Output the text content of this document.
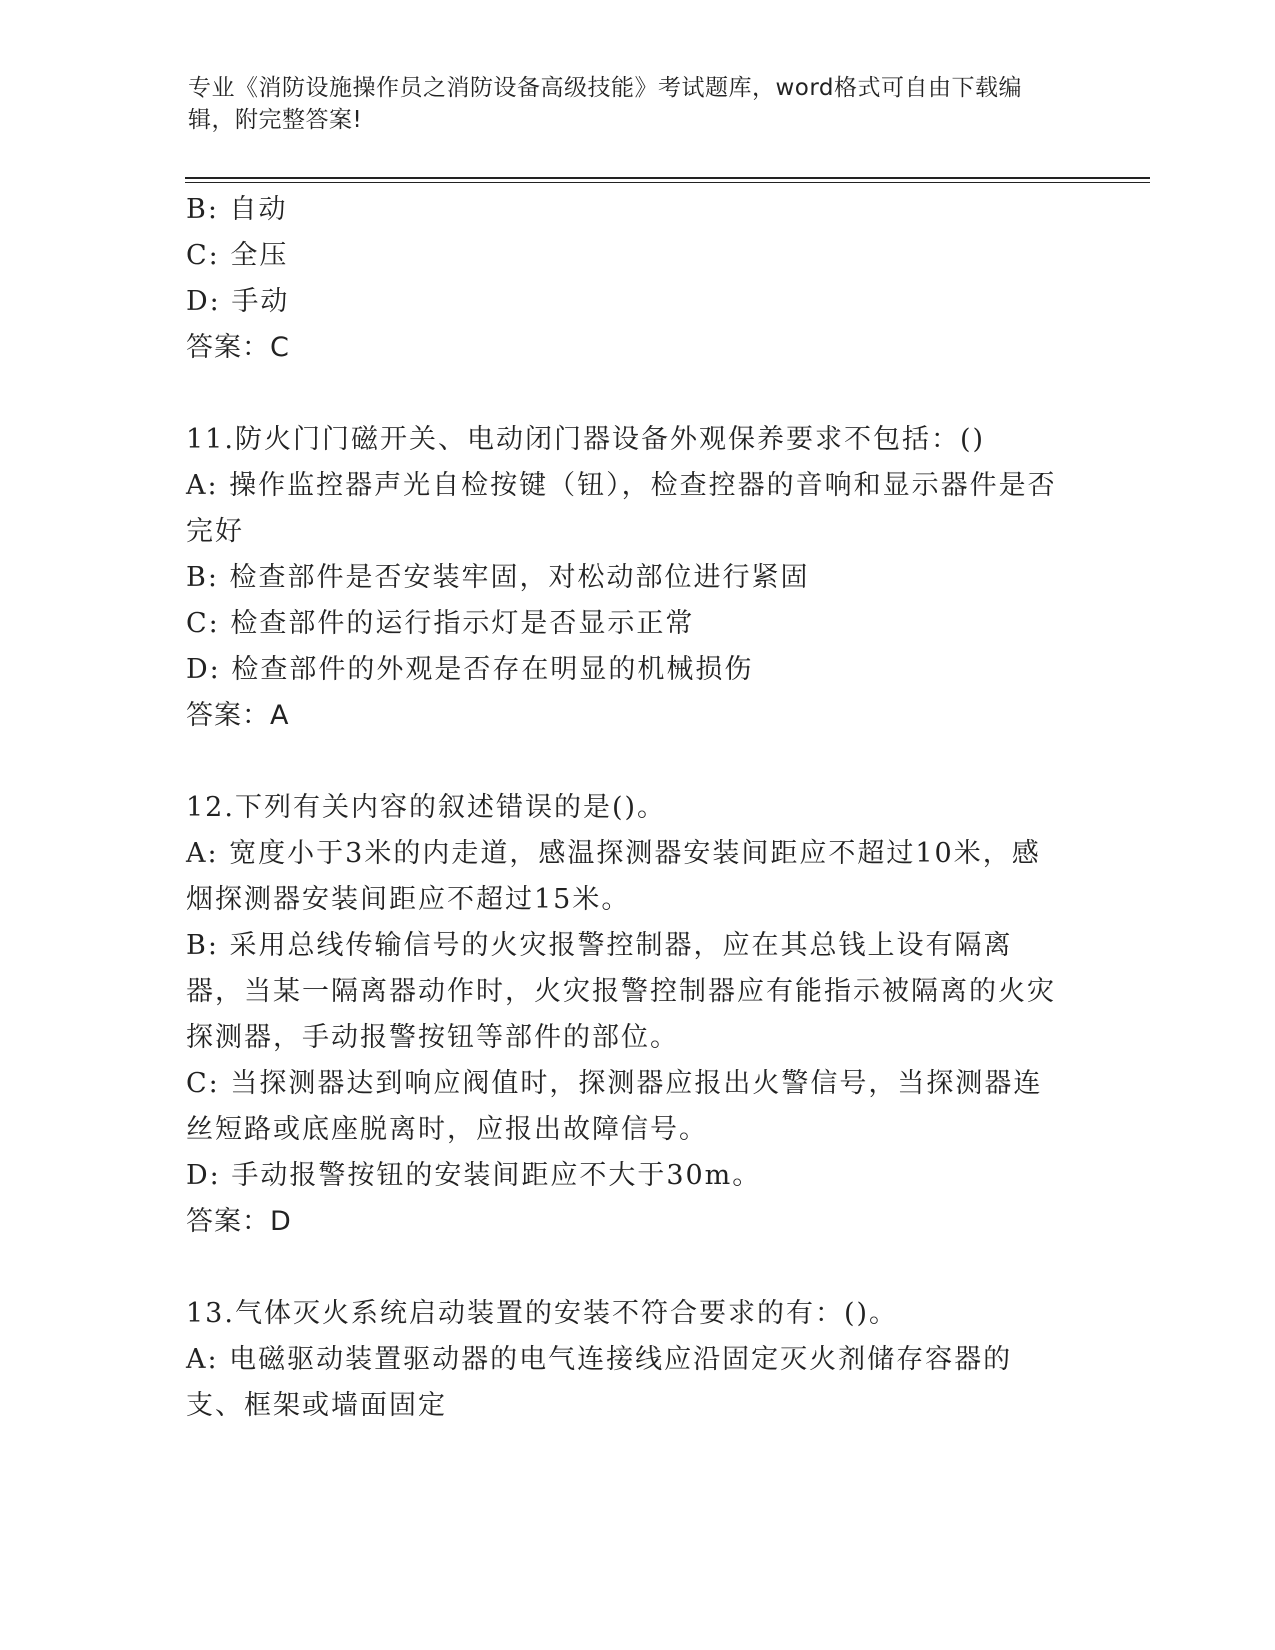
专业《消防设施操作员之消防设备高级技能》考试题库，word格式可自由下载编辑，附完整答案!

B: 自动

C: 全压

D: 手动

答案：C

11.防火门门磁开关、电动闭门器设备外观保养要求不包括：()

A: 操作监控器声光自检按键（钮），检查控器的音响和显示器件是否完好

B: 检查部件是否安装牢固，对松动部位进行紧固

C: 检查部件的运行指示灯是否显示正常

D: 检查部件的外观是否存在明显的机械损伤

答案：A

12.下列有关内容的叙述错误的是()。

A: 宽度小于3米的内走道，感温探测器安装间距应不超过10米，感烟探测器安装间距应不超过15米。

B: 采用总线传输信号的火灾报警控制器，应在其总钱上设有隔离器，当某一隔离器动作时，火灾报警控制器应有能指示被隔离的火灾探测器，手动报警按钮等部件的部位。

C: 当探测器达到响应阀值时，探测器应报出火警信号，当探测器连丝短路或底座脱离时，应报出故障信号。

D: 手动报警按钮的安装间距应不大于30m。

答案：D

13.气体灭火系统启动装置的安装不符合要求的有：()。

A: 电磁驱动装置驱动器的电气连接线应沿固定灭火剂储存容器的支、框架或墙面固定
